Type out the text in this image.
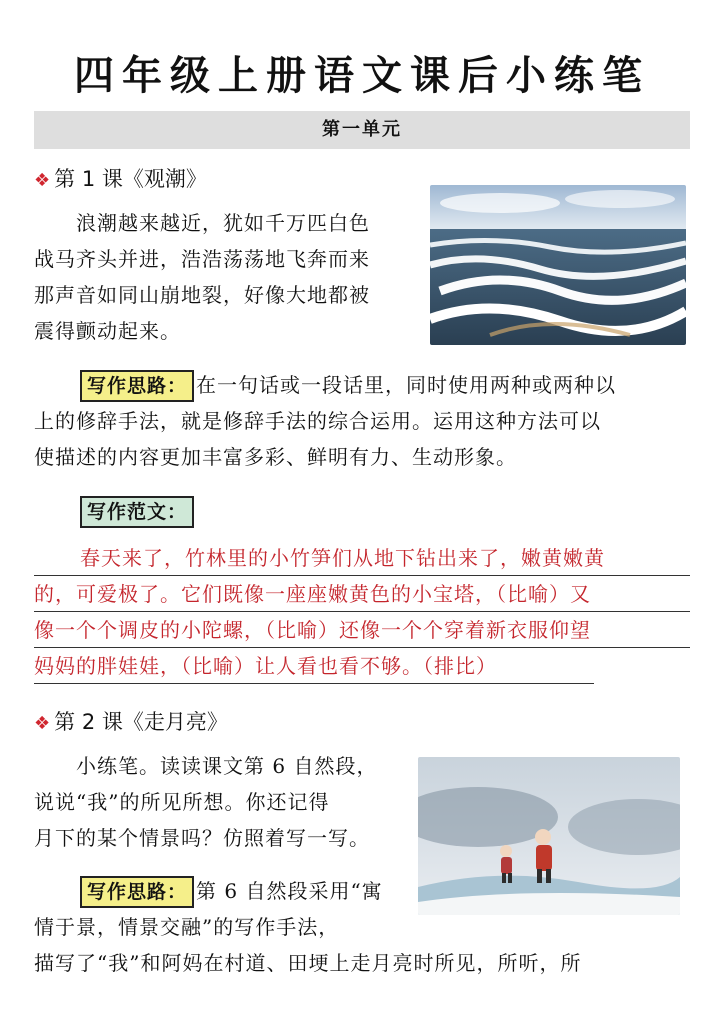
四年级上册语文课后小练笔
第一单元
❖ 第 1 课《观潮》
浪潮越来越近，犹如千万匹白色
战马齐头并进，浩浩荡荡地飞奔而来
那声音如同山崩地裂，好像大地都被
震得颤动起来。
写作思路： 在一句话或一段话里，同时使用两种或两种以
上的修辞手法，就是修辞手法的综合运用。运用这种方法可以
使描述的内容更加丰富多彩、鲜明有力、生动形象。
写作范文：
春天来了，竹林里的小竹笋们从地下钻出来了，嫩黄嫩黄
的，可爱极了。它们既像一座座嫩黄色的小宝塔，（比喻）又
像一个个调皮的小陀螺，（比喻）还像一个个穿着新衣服仰望
妈妈的胖娃娃，（比喻）让人看也看不够。（排比）
❖ 第 2 课《走月亮》
小练笔。读读课文第 6 自然段，
说说“我”的所见所想。你还记得
月下的某个情景吗？仿照着写一写。
写作思路： 第 6 自然段采用“寓
情于景，情景交融”的写作手法，
描写了“我”和阿妈在村道、田埂上走月亮时所见，所听，所
